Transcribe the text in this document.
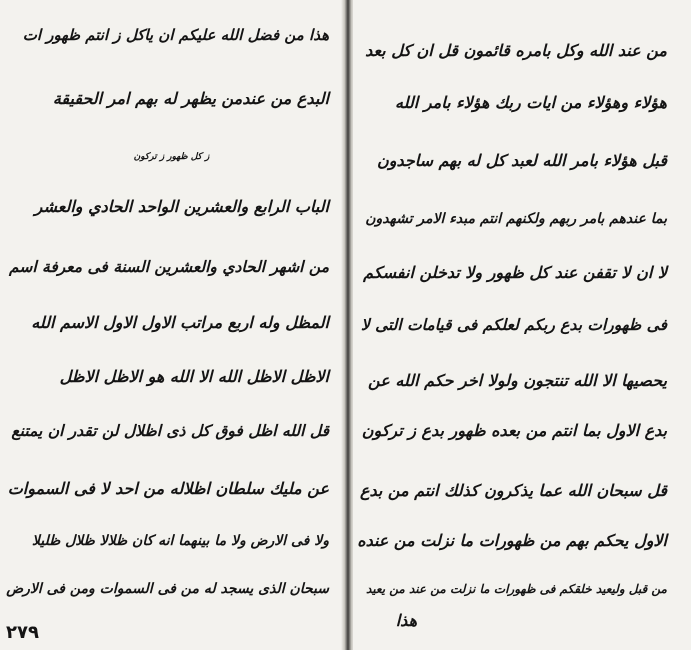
هذا من فضل الله عليكم ان ياكل ز انتم ظهور ات

البدع من عندمن يظهر له بهم امر الحقيقة

ز كل ظهور ز تركون

الباب الرابع والعشرين الواحد الحادي والعشر

من اشهر الحادي والعشرين السنة فى معرفة اسم

المظل وله اربع مراتب الاول الاول الاسم الله

الاظل الاظل الله الا الله هو الاظل الاظل

قل الله اظل فوق كل ذى اظلال لن تقدر ان يمتنع

عن مليك سلطان اظلاله من احد لا فى السموات

ولا فى الارض ولا ما بينهما انه كان ظلالا ظلال ظليلا

سبحان الذى يسجد له من فى السموات ومن فى الارض

٢٧٩

من عند الله وكل بامره قائمون قل ان كل بعد

هؤلاء وهؤلاء من ايات ربك هؤلاء بامر الله

قبل هؤلاء بامر الله لعبد كل له بهم ساجدون

بما عندهم بامر ربهم ولكنهم انتم مبدء الامر تشهدون

لا ان لا تقفن عند كل ظهور ولا تدخلن انفسكم

فى ظهورات بدع ربكم لعلكم فى قيامات التى لا

يحصيها الا الله تنتجون ولولا اخر حكم الله عن

بدع الاول بما انتم من بعده ظهور بدع ز تركون

قل سبحان الله عما يذكرون كذلك انتم من بدع

الاول يحكم بهم من ظهورات ما نزلت من عنده

من قبل وليعيد خلقكم فى ظهورات ما نزلت من عند من يعيد

هذا
